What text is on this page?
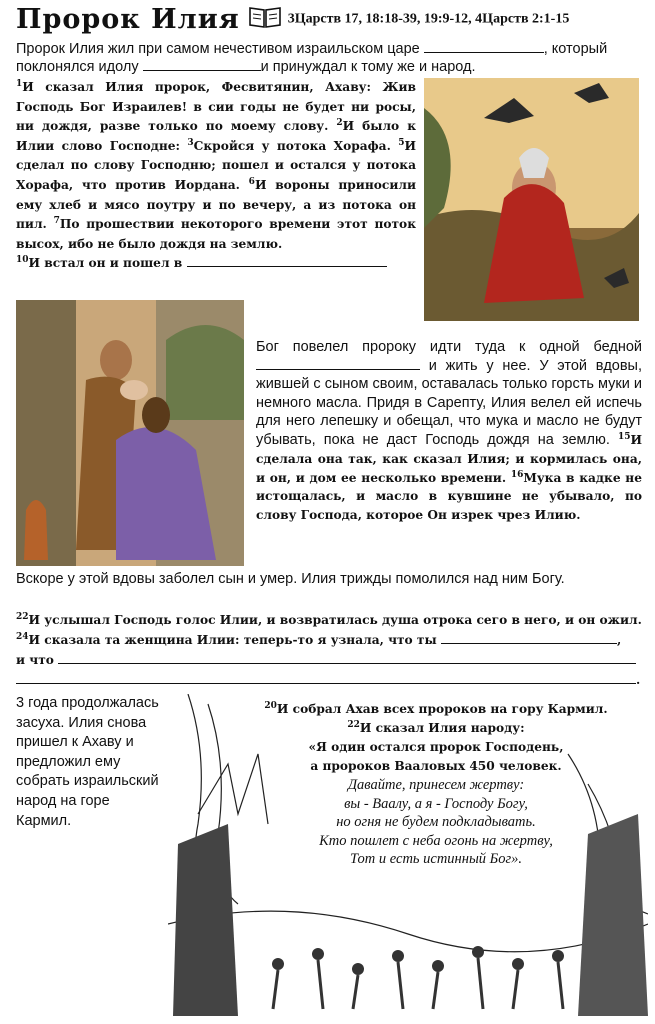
Пророк Илия	3Царств 17, 18:18-39, 19:9-12, 4Царств 2:1-15
Пророк Илия жил при самом нечестивом израильском царе	, который поклонялся идолу	и принуждал к тому же и народ.
$^1$И сказал Илия пророк, Фесвитянин, Ахаву: Жив Господь Бог Израилев! в сии годы не будет ни росы, ни дождя, разве только по моему слову. $^2$И было к Илии слово Господне: $^3$Скройся у потока Хорафа. $^5$И сделал по слову Господню; пошел и остался у потока Хорафа, что против Иордана. $^6$И вороны приносили ему хлеб и мясо поутру и по вечеру, а из потока он пил. $^7$По прошествии некоторого времени этот поток высох, ибо не было дождя на землю.
$^{10}$И встал он и пошел в
Бог повелел пророку идти туда к одной бедной  и жить у нее. У этой вдовы, жившей с сыном своим, оставалась только горсть муки и немного масла. Придя в Сарепту, Илия велел ей испечь для него лепешку и обещал, что мука и масло не будут убывать, пока не даст Господь дождя на землю. $^{15}$И сделала она так, как сказал Илия; и кормилась она, и он, и дом ее несколько времени. $^{16}$Мука в кадке не истощалась, и масло в кувшине не убывало, по слову Господа, которое Он изрек чрез Илию.
Вскоре у этой вдовы заболел сын и умер. Илия трижды помолился над ним Богу.
$^{22}$И услышал Господь голос Илии, и возвратилась душа отрока сего в него, и он ожил.
$^{24}$И сказала та женщина Илии: теперь-то я узнала, что ты	,
и что
.
3 года продолжалась засуха. Илия снова пришел к Ахаву и предложил ему собрать израильский народ на горе Кармил.
$^{20}$И собрал Ахав всех пророков на гору Кармил.
$^{22}$И сказал Илия народу:
«Я один остался пророк Господень,
а пророков Вааловых 450 человек.
Давайте, принесем жертву:
вы - Ваалу, а я - Господу Богу,
но огня не будем подкладывать.
Кто пошлет с неба огонь на жертву,
Тот и есть истинный Бог».
